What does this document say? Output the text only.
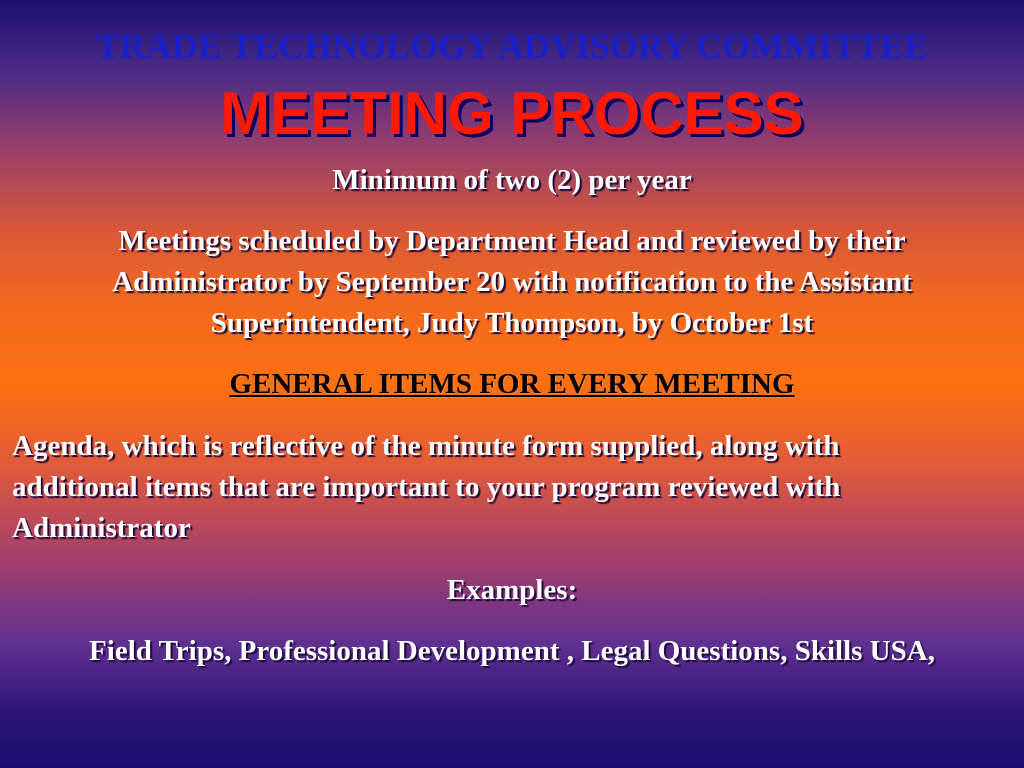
TRADE TECHNOLOGY ADVISORY COMMITTEE
MEETING PROCESS
Minimum of two (2) per year
Meetings scheduled by Department Head and reviewed by their
Administrator by September 20 with notification to the Assistant
Superintendent, Judy Thompson, by October 1st
GENERAL ITEMS FOR EVERY MEETING
Agenda, which is reflective of the minute form supplied, along with
additional items that are important to your program reviewed with
Administrator
Examples:
Field Trips, Professional Development , Legal Questions, Skills USA,
